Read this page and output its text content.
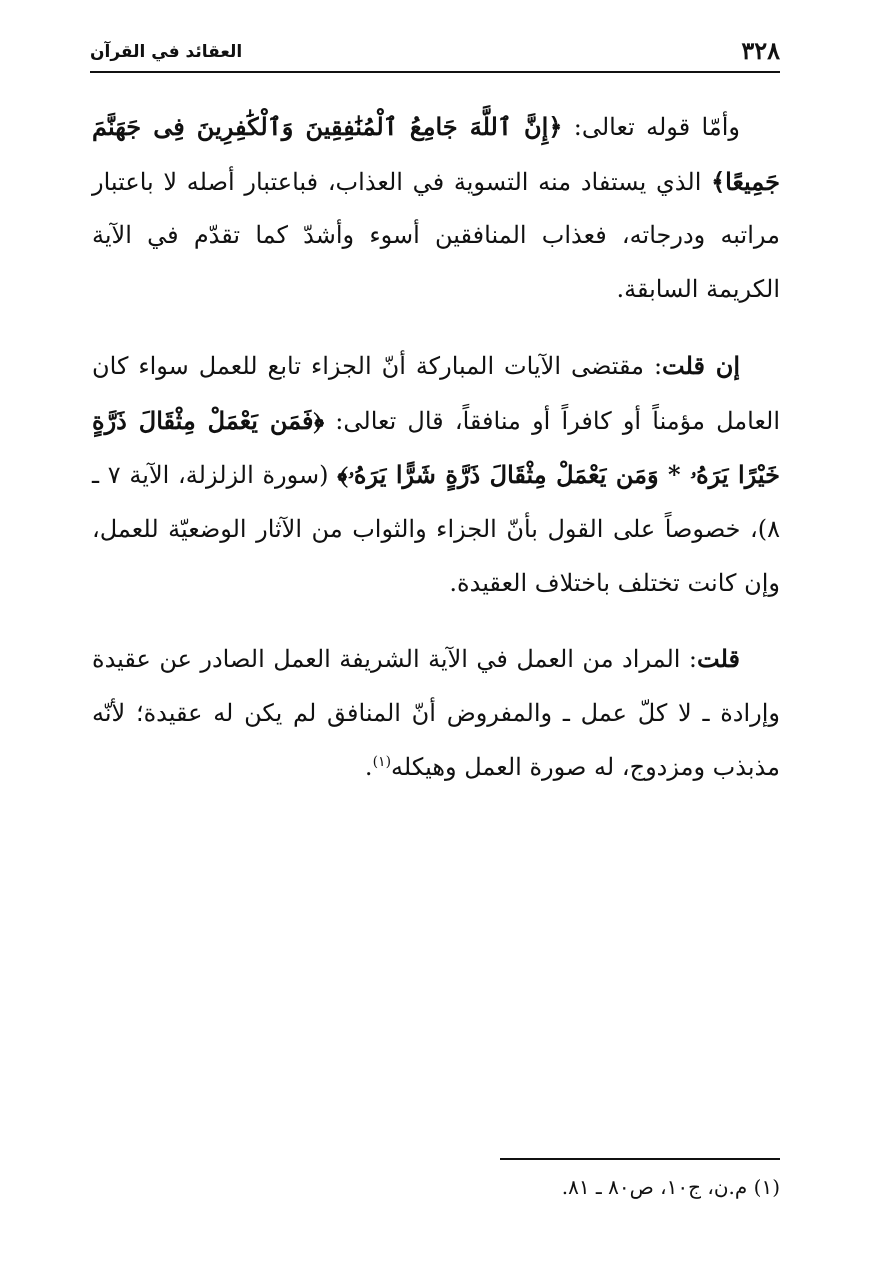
٣٢٨
العقائد في القرآن

وأمّا قوله تعالى: ﴿إِنَّ ٱللَّهَ جَامِعُ ٱلْمُنَٰفِقِينَ وَٱلْكَٰفِرِينَ فِى جَهَنَّمَ جَمِيعًا﴾ الذي يستفاد منه التسوية في العذاب، فباعتبار أصله لا باعتبار مراتبه ودرجاته، فعذاب المنافقين أسوء وأشدّ كما تقدّم في الآية الكريمة السابقة.

إن قلت: مقتضى الآيات المباركة أنّ الجزاء تابع للعمل سواء كان العامل مؤمناً أو كافراً أو منافقاً، قال تعالى: ﴿فَمَن يَعْمَلْ مِثْقَالَ ذَرَّةٍ خَيْرًا يَرَهُۥ * وَمَن يَعْمَلْ مِثْقَالَ ذَرَّةٍ شَرًّا يَرَهُۥ﴾ (سورة الزلزلة، الآية ٧ ـ ٨)، خصوصاً على القول بأنّ الجزاء والثواب من الآثار الوضعيّة للعمل، وإن كانت تختلف باختلاف العقيدة.

قلت: المراد من العمل في الآية الشريفة العمل الصادر عن عقيدة وإرادة ـ لا كلّ عمل ـ والمفروض أنّ المنافق لم يكن له عقيدة؛ لأنّه مذبذب ومزدوج، له صورة العمل وهيكله$^{(١)}$.

(١) م.ن، ج١٠، ص٨٠ ـ ٨١.
